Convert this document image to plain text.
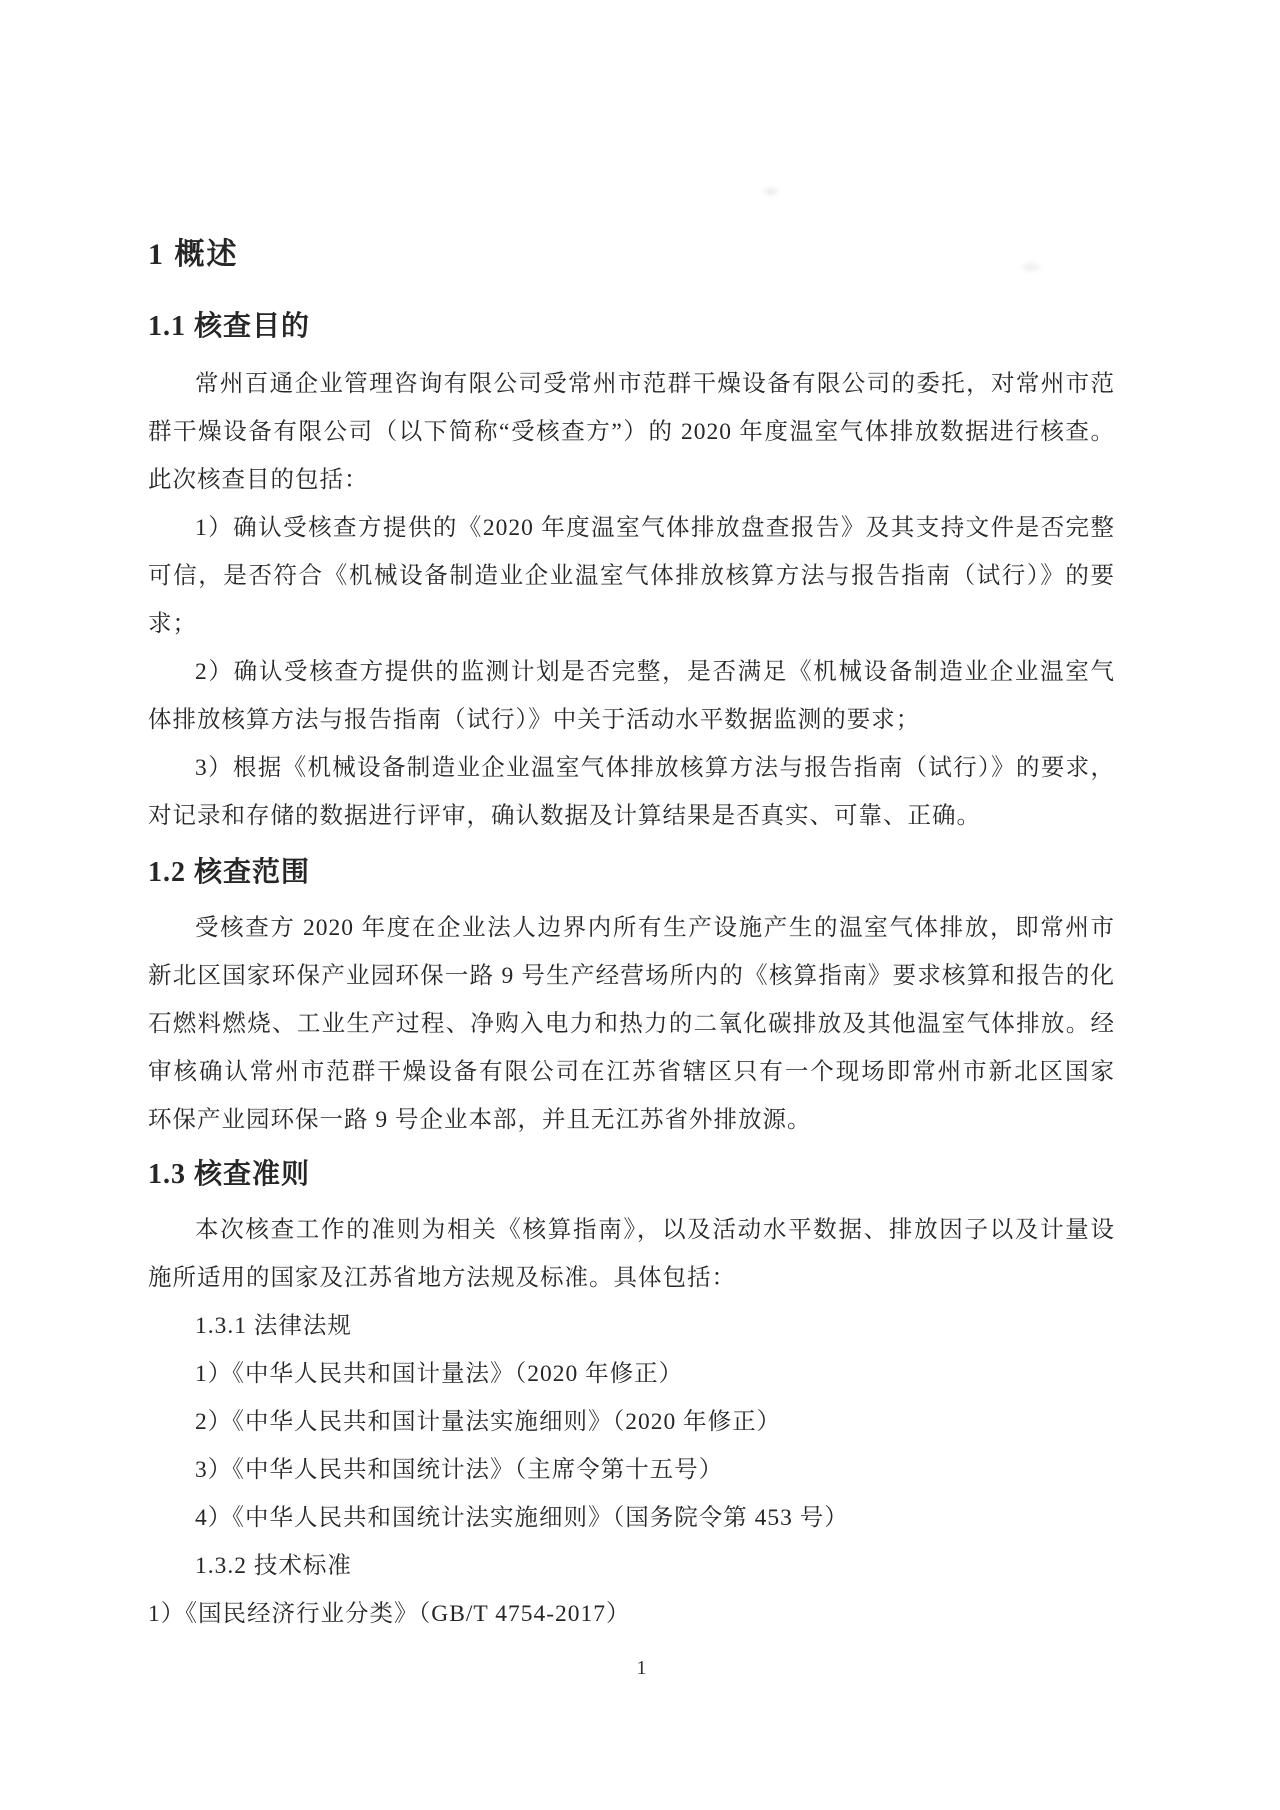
1 概述
1.1 核查目的

常州百通企业管理咨询有限公司受常州市范群干燥设备有限公司的委托，对常州市范

群干燥设备有限公司（以下简称“受核查方”）的 2020 年度温室气体排放数据进行核查。

此次核查目的包括：

1）确认受核查方提供的《2020 年度温室气体排放盘查报告》及其支持文件是否完整

可信，是否符合《机械设备制造业企业温室气体排放核算方法与报告指南（试行）》的要

求；

2）确认受核查方提供的监测计划是否完整，是否满足《机械设备制造业企业温室气

体排放核算方法与报告指南（试行）》中关于活动水平数据监测的要求；

3）根据《机械设备制造业企业温室气体排放核算方法与报告指南（试行）》的要求，

对记录和存储的数据进行评审，确认数据及计算结果是否真实、可靠、正确。

1.2 核查范围

受核查方 2020 年度在企业法人边界内所有生产设施产生的温室气体排放，即常州市

新北区国家环保产业园环保一路 9 号生产经营场所内的《核算指南》要求核算和报告的化

石燃料燃烧、工业生产过程、净购入电力和热力的二氧化碳排放及其他温室气体排放。经

审核确认常州市范群干燥设备有限公司在江苏省辖区只有一个现场即常州市新北区国家

环保产业园环保一路 9 号企业本部，并且无江苏省外排放源。

1.3 核查准则

本次核查工作的准则为相关《核算指南》，以及活动水平数据、排放因子以及计量设

施所适用的国家及江苏省地方法规及标准。具体包括：

1.3.1 法律法规

1）《中华人民共和国计量法》（2020 年修正）

2）《中华人民共和国计量法实施细则》（2020 年修正）

3）《中华人民共和国统计法》（主席令第十五号）

4）《中华人民共和国统计法实施细则》（国务院令第 453 号）

1.3.2 技术标准

1）《国民经济行业分类》（GB/T 4754-2017）

1
